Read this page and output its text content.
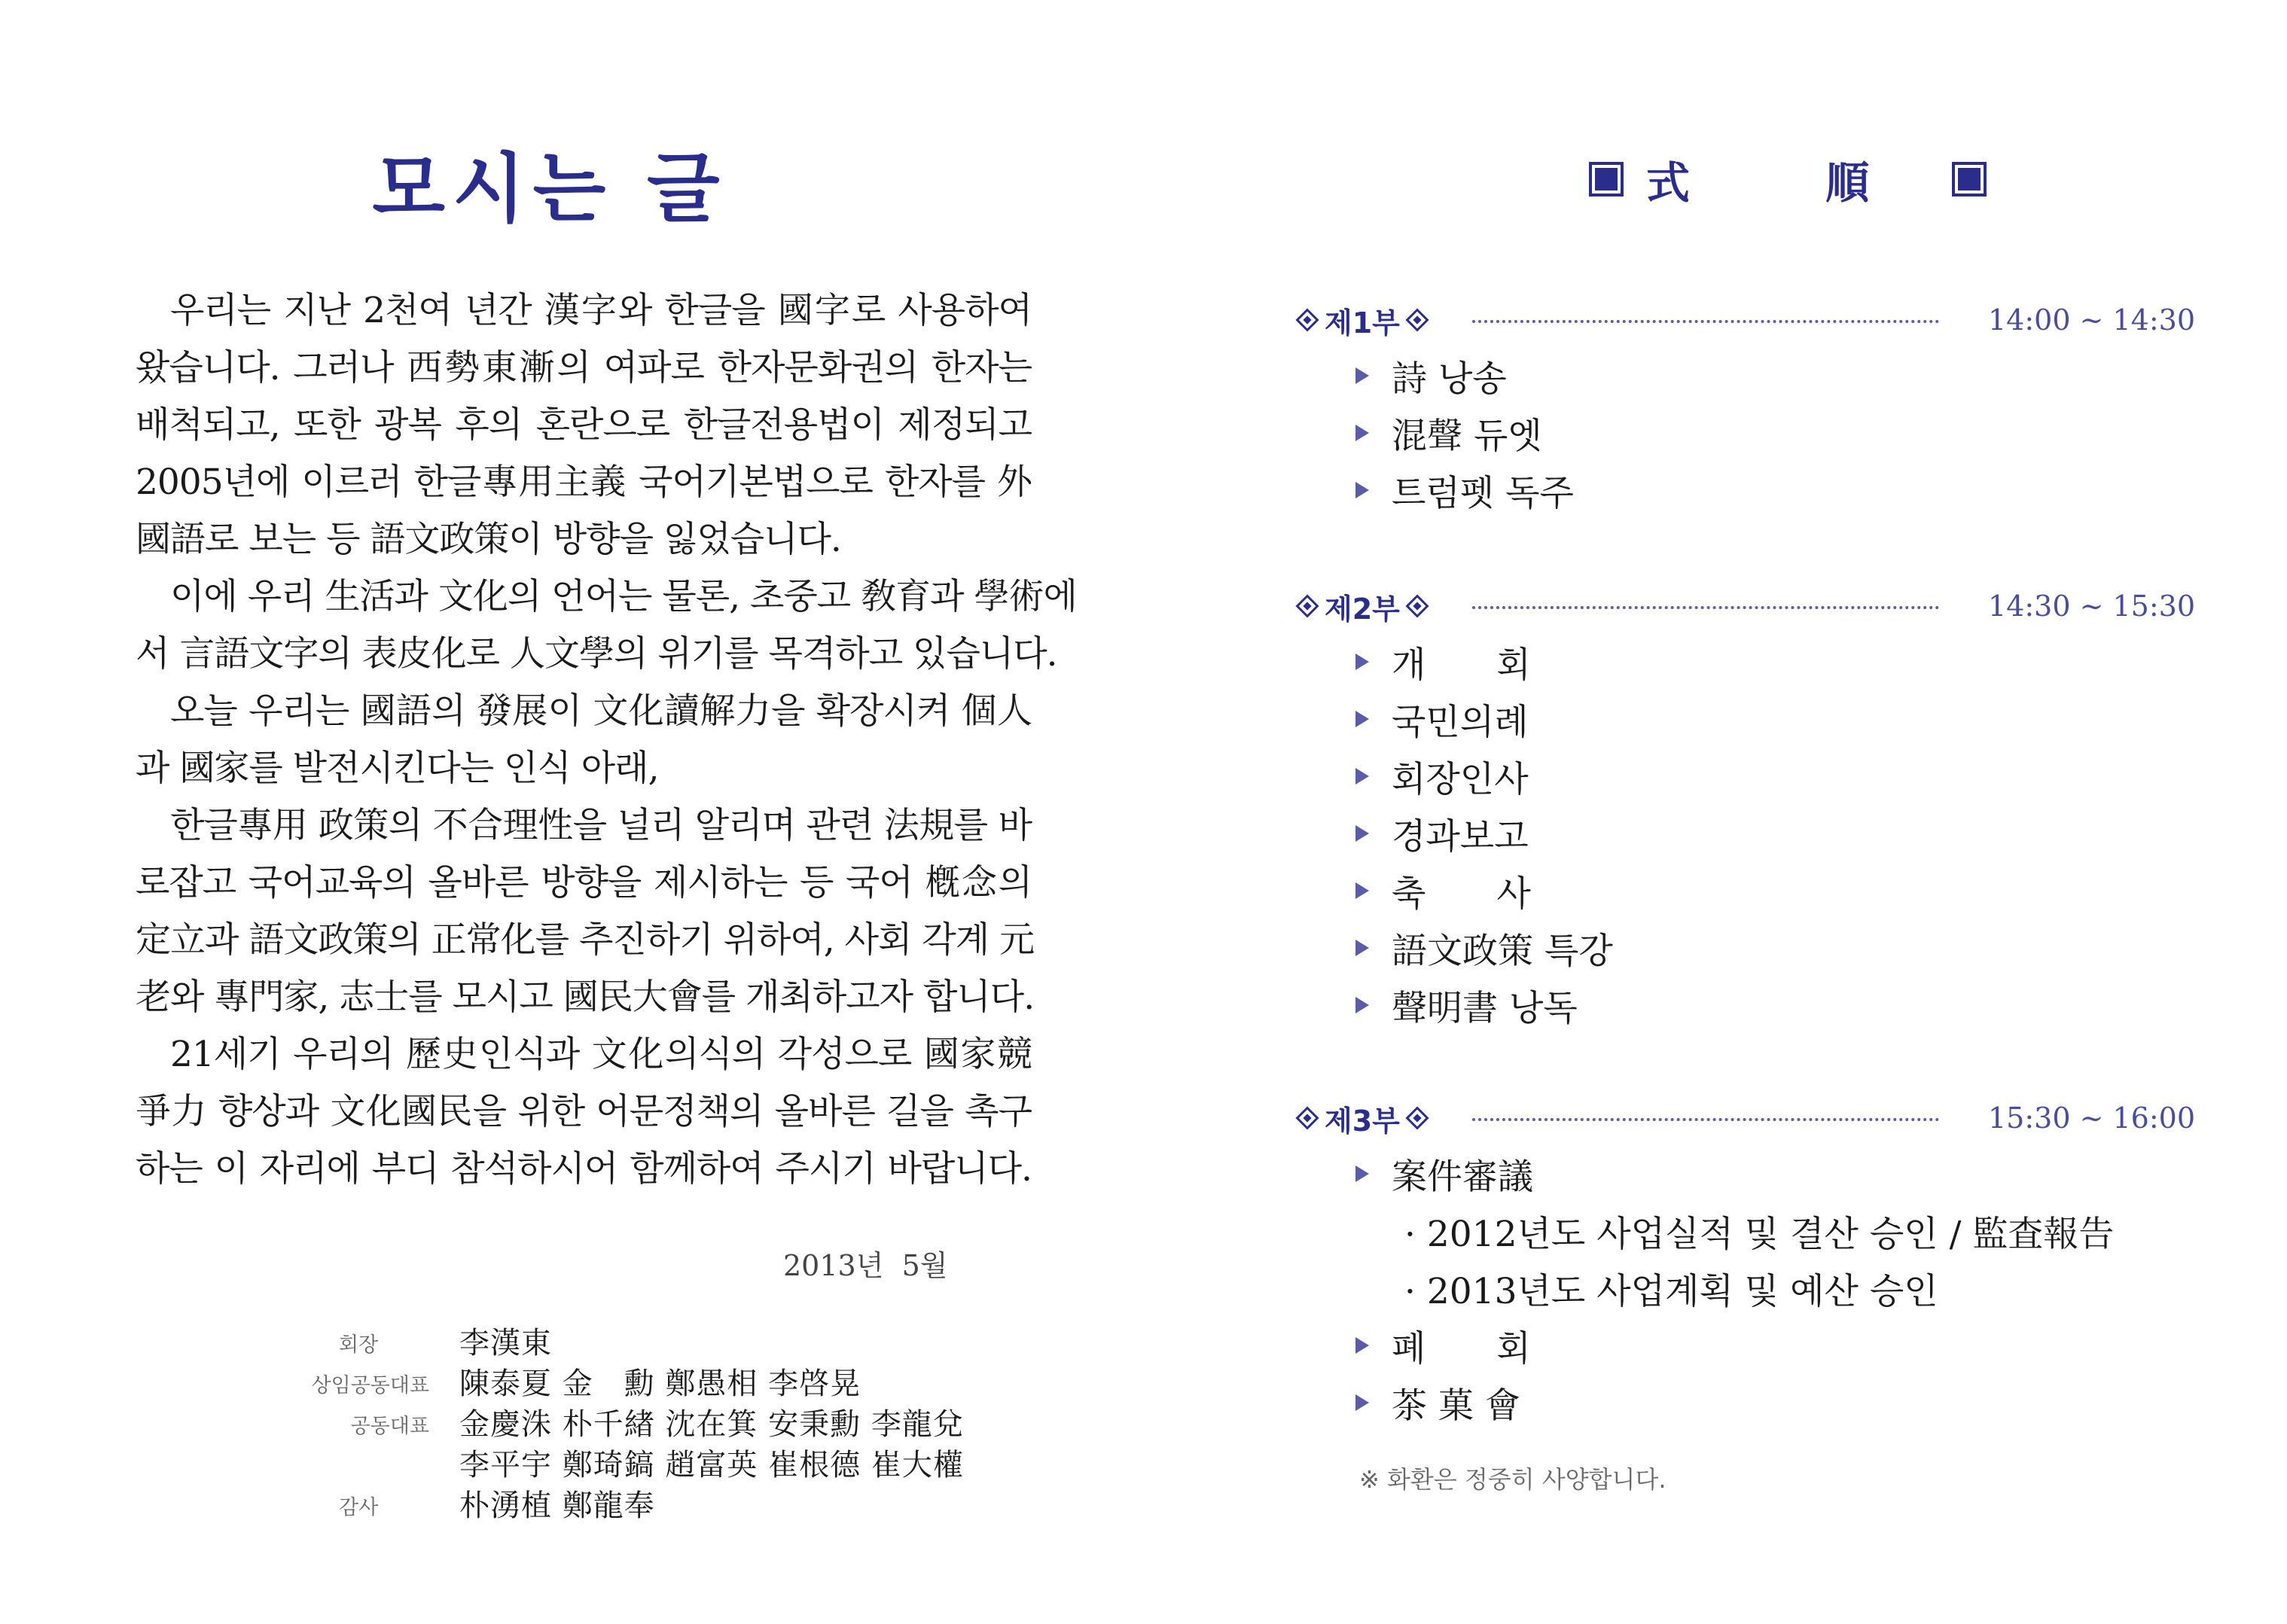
모시는 글
우리는 지난 2천여 년간 漢字와 한글을 國字로 사용하여
왔습니다. 그러나 西勢東漸의 여파로 한자문화권의 한자는
배척되고, 또한 광복 후의 혼란으로 한글전용법이 제정되고
2005년에 이르러 한글專用主義 국어기본법으로 한자를 外
國語로 보는 등 語文政策이 방향을 잃었습니다.
이에 우리 生活과 文化의 언어는 물론, 초중고 敎育과 學術에
서 言語文字의 表皮化로 人文學의 위기를 목격하고 있습니다.
오늘 우리는 國語의 發展이 文化讀解力을 확장시켜 個人
과 國家를 발전시킨다는 인식 아래,
한글專用 政策의 不合理性을 널리 알리며 관련 法規를 바
로잡고 국어교육의 올바른 방향을 제시하는 등 국어 槪念의
定立과 語文政策의 正常化를 추진하기 위하여, 사회 각계 元
老와 專門家, 志士를 모시고 國民大會를 개최하고자 합니다.
21세기 우리의 歷史인식과 文化의식의 각성으로 國家競
爭力 향상과 文化國民을 위한 어문정책의 올바른 길을 촉구
하는 이 자리에 부디 참석하시어 함께하여 주시기 바랍니다.
2013년  5월
회장	李漢東
상임공동대표 陳泰夏 金　勳 鄭愚相 李啓晃
공동대표 金慶洙 朴千緖 沈在箕 安秉勳 李龍兌
李平宇 鄭琦鎬 趙富英 崔根德 崔大權
감사	朴湧植 鄭龍奉
式 順
제1부	14:00 ~ 14:30
詩 낭송
混聲 듀엣
트럼펫 독주
제2부	14:30 ~ 15:30
개　　회
국민의례
회장인사
경과보고
축　　사
語文政策 특강
聲明書 낭독
제3부	15:30 ~ 16:00
案件審議
· 2012년도 사업실적 및 결산 승인 / 監査報告
· 2013년도 사업계획 및 예산 승인
폐　　회
茶 菓 會
※ 화환은 정중히 사양합니다.
